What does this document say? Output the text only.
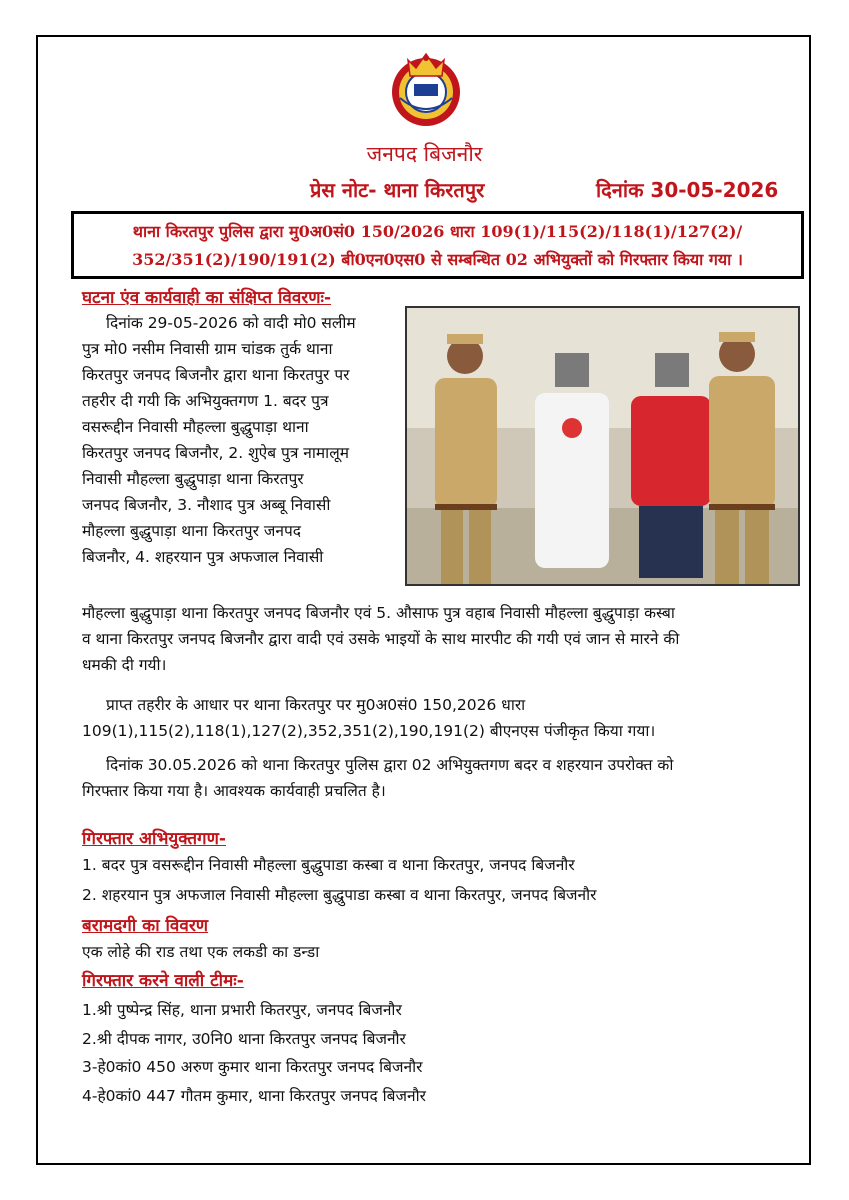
जनपद बिजनौर
प्रेस नोट- थाना किरतपुर	दिनांक 30-05-2026
थाना किरतपुर पुलिस द्वारा मु0अ0सं0 150/2026 धारा 109(1)/115(2)/118(1)/127(2)/
352/351(2)/190/191(2) बी0एन0एस0 से सम्बन्धित 02 अभियुक्तों को गिरफ्तार किया गया ।
घटना एंव कार्यवाही का संक्षिप्त विवरणः-
दिनांक 29-05-2026 को वादी मो0 सलीम
पुत्र मो0 नसीम निवासी ग्राम चांडक तुर्क थाना
किरतपुर जनपद बिजनौर द्वारा थाना किरतपुर पर
तहरीर दी गयी कि अभियुक्तगण 1. बदर पुत्र
वसरूद्दीन निवासी मौहल्ला बुद्धुपाड़ा थाना
किरतपुर जनपद बिजनौर, 2. शुऐब पुत्र नामालूम
निवासी मौहल्ला बुद्धुपाड़ा थाना किरतपुर
जनपद बिजनौर, 3. नौशाद पुत्र अब्बू निवासी
मौहल्ला बुद्धुपाड़ा थाना किरतपुर जनपद
बिजनौर, 4. शहरयान पुत्र अफजाल निवासी
मौहल्ला बुद्धुपाड़ा थाना किरतपुर जनपद बिजनौर एवं 5. औसाफ पुत्र वहाब निवासी मौहल्ला बुद्धुपाड़ा कस्बा
व थाना किरतपुर जनपद बिजनौर द्वारा वादी एवं उसके भाइयों के साथ मारपीट की गयी एवं जान से मारने की
धमकी दी गयी।
प्राप्त तहरीर के आधार पर थाना किरतपुर पर मु0अ0सं0 150,2026 धारा
109(1),115(2),118(1),127(2),352,351(2),190,191(2) बीएनएस पंजीकृत किया गया।
दिनांक 30.05.2026 को थाना किरतपुर पुलिस द्वारा 02 अभियुक्तगण बदर व शहरयान उपरोक्त को
गिरफ्तार किया गया है। आवश्यक कार्यवाही प्रचलित है।
गिरफ्तार अभियुक्तगण-
1. बदर पुत्र वसरूद्दीन निवासी मौहल्ला बुद्धुपाडा कस्बा व थाना किरतपुर, जनपद बिजनौर
2. शहरयान पुत्र अफजाल निवासी मौहल्ला बुद्धुपाडा कस्बा व थाना किरतपुर, जनपद बिजनौर
बरामदगी का विवरण
एक लोहे की राड तथा एक लकडी का डन्डा
गिरफ्तार करने वाली टीमः-
1.श्री पुष्पेन्द्र सिंह, थाना प्रभारी कितरपुर, जनपद बिजनौर
2.श्री दीपक नागर, उ0नि0 थाना किरतपुर जनपद बिजनौर
3-हे0कां0 450 अरुण कुमार थाना किरतपुर जनपद बिजनौर
4-हे0कां0 447 गौतम कुमार, थाना किरतपुर जनपद बिजनौर
